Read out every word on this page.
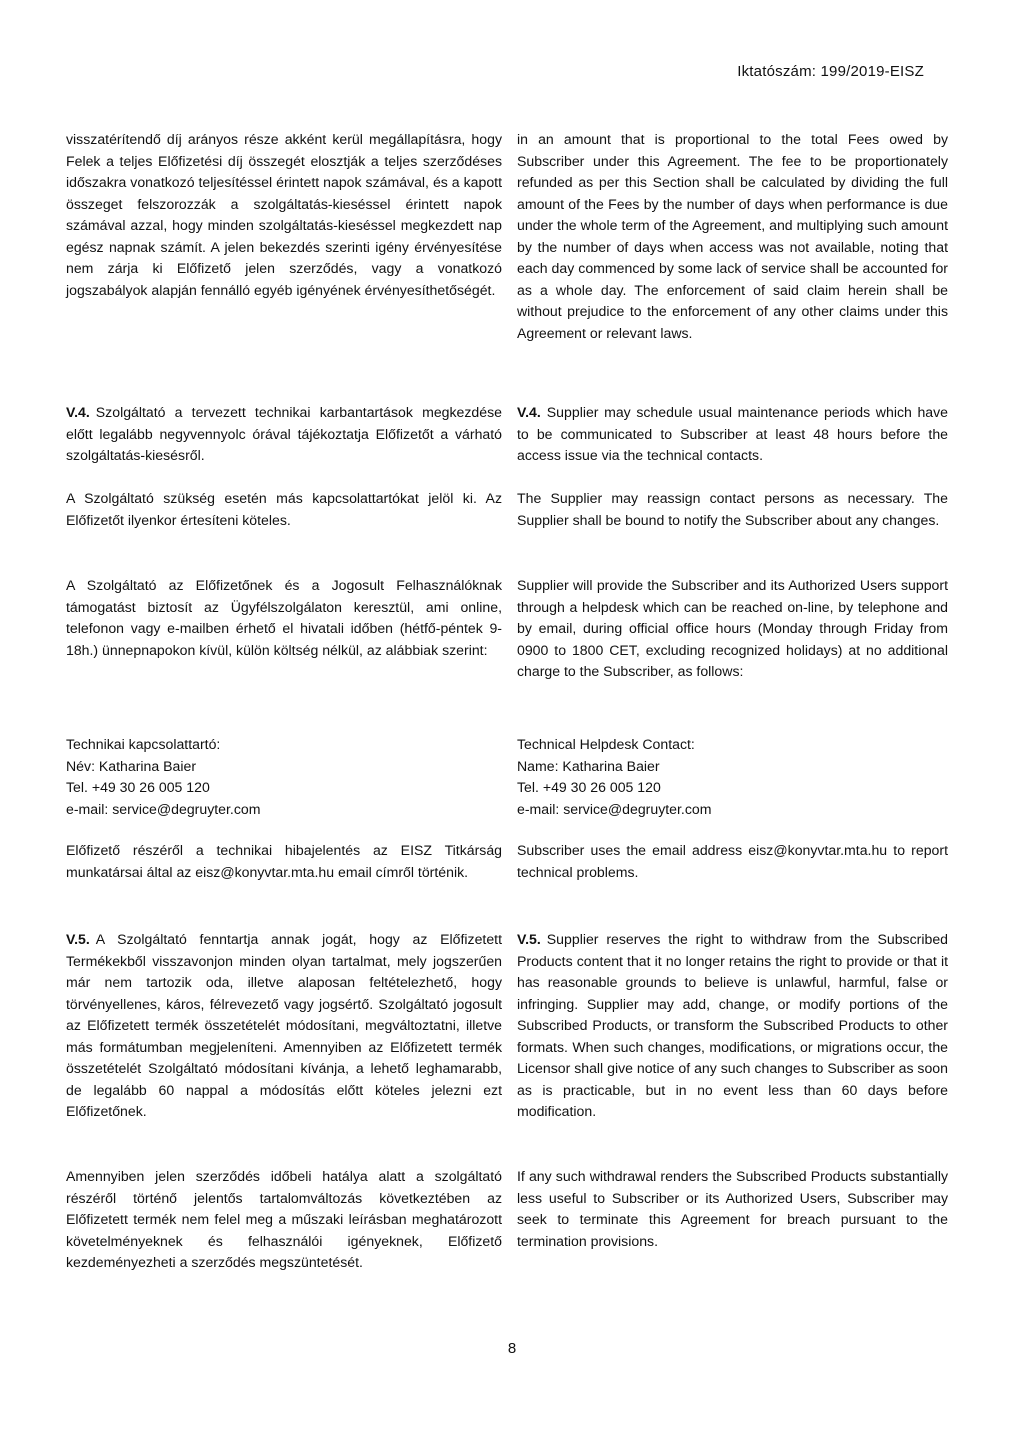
Iktatószám: 199/2019-EISZ

visszatérítendő díj arányos része akként kerül megállapításra, hogy Felek a teljes Előfizetési díj összegét elosztják a teljes szerződéses időszakra vonatkozó teljesítéssel érintett napok számával, és a kapott összeget felszorozzák a szolgáltatás-kieséssel érintett napok számával azzal, hogy minden szolgáltatás-kieséssel megkezdett nap egész napnak számít. A jelen bekezdés szerinti igény érvényesítése nem zárja ki Előfizető jelen szerződés, vagy a vonatkozó jogszabályok alapján fennálló egyéb igényének érvényesíthetőségét.

V.4. Szolgáltató a tervezett technikai karbantartások megkezdése előtt legalább negyvennyolc órával tájékoztatja Előfizetőt a várható szolgáltatás-kiesésről.

A Szolgáltató szükség esetén más kapcsolattartókat jelöl ki. Az Előfizetőt ilyenkor értesíteni köteles.

A Szolgáltató az Előfizetőnek és a Jogosult Felhasználóknak támogatást biztosít az Ügyfélszolgálaton keresztül, ami online, telefonon vagy e-mailben érhető el hivatali időben (hétfő-péntek 9-18h.) ünnepnapokon kívül, külön költség nélkül, az alábbiak szerint:

Technikai kapcsolattartó:
Név: Katharina Baier
Tel. +49 30 26 005 120
e-mail: service@degruyter.com

Előfizető részéről a technikai hibajelentés az EISZ Titkárság munkatársai által az eisz@konyvtar.mta.hu email címről történik.

V.5. A Szolgáltató fenntartja annak jogát, hogy az Előfizetett Termékekből visszavonjon minden olyan tartalmat, mely jogszerűen már nem tartozik oda, illetve alaposan feltételezhető, hogy törvényellenes, káros, félrevezető vagy jogsértő. Szolgáltató jogosult az Előfizetett termék összetételét módosítani, megváltoztatni, illetve más formátumban megjeleníteni. Amennyiben az Előfizetett termék összetételét Szolgáltató módosítani kívánja, a lehető leghamarabb, de legalább 60 nappal a módosítás előtt köteles jelezni ezt Előfizetőnek.

Amennyiben jelen szerződés időbeli hatálya alatt a szolgáltató részéről történő jelentős tartalomváltozás következtében az Előfizetett termék nem felel meg a műszaki leírásban meghatározott követelményeknek és felhasználói igényeknek, Előfizető kezdeményezheti a szerződés megszüntetését.

in an amount that is proportional to the total Fees owed by Subscriber under this Agreement. The fee to be proportionately refunded as per this Section shall be calculated by dividing the full amount of the Fees by the number of days when performance is due under the whole term of the Agreement, and multiplying such amount by the number of days when access was not available, noting that each day commenced by some lack of service shall be accounted for as a whole day. The enforcement of said claim herein shall be without prejudice to the enforcement of any other claims under this Agreement or relevant laws.

V.4. Supplier may schedule usual maintenance periods which have to be communicated to Subscriber at least 48 hours before the access issue via the technical contacts.

The Supplier may reassign contact persons as necessary. The Supplier shall be bound to notify the Subscriber about any changes.

Supplier will provide the Subscriber and its Authorized Users support through a helpdesk which can be reached on-line, by telephone and by email, during official office hours (Monday through Friday from 0900 to 1800 CET, excluding recognized holidays) at no additional charge to the Subscriber, as follows:

Technical Helpdesk Contact:
Name: Katharina Baier
Tel. +49 30 26 005 120
e-mail: service@degruyter.com

Subscriber uses the email address eisz@konyvtar.mta.hu to report technical problems.

V.5. Supplier reserves the right to withdraw from the Subscribed Products content that it no longer retains the right to provide or that it has reasonable grounds to believe is unlawful, harmful, false or infringing. Supplier may add, change, or modify portions of the Subscribed Products, or transform the Subscribed Products to other formats. When such changes, modifications, or migrations occur, the Licensor shall give notice of any such changes to Subscriber as soon as is practicable, but in no event less than 60 days before modification.

If any such withdrawal renders the Subscribed Products substantially less useful to Subscriber or its Authorized Users, Subscriber may seek to terminate this Agreement for breach pursuant to the termination provisions.

8
